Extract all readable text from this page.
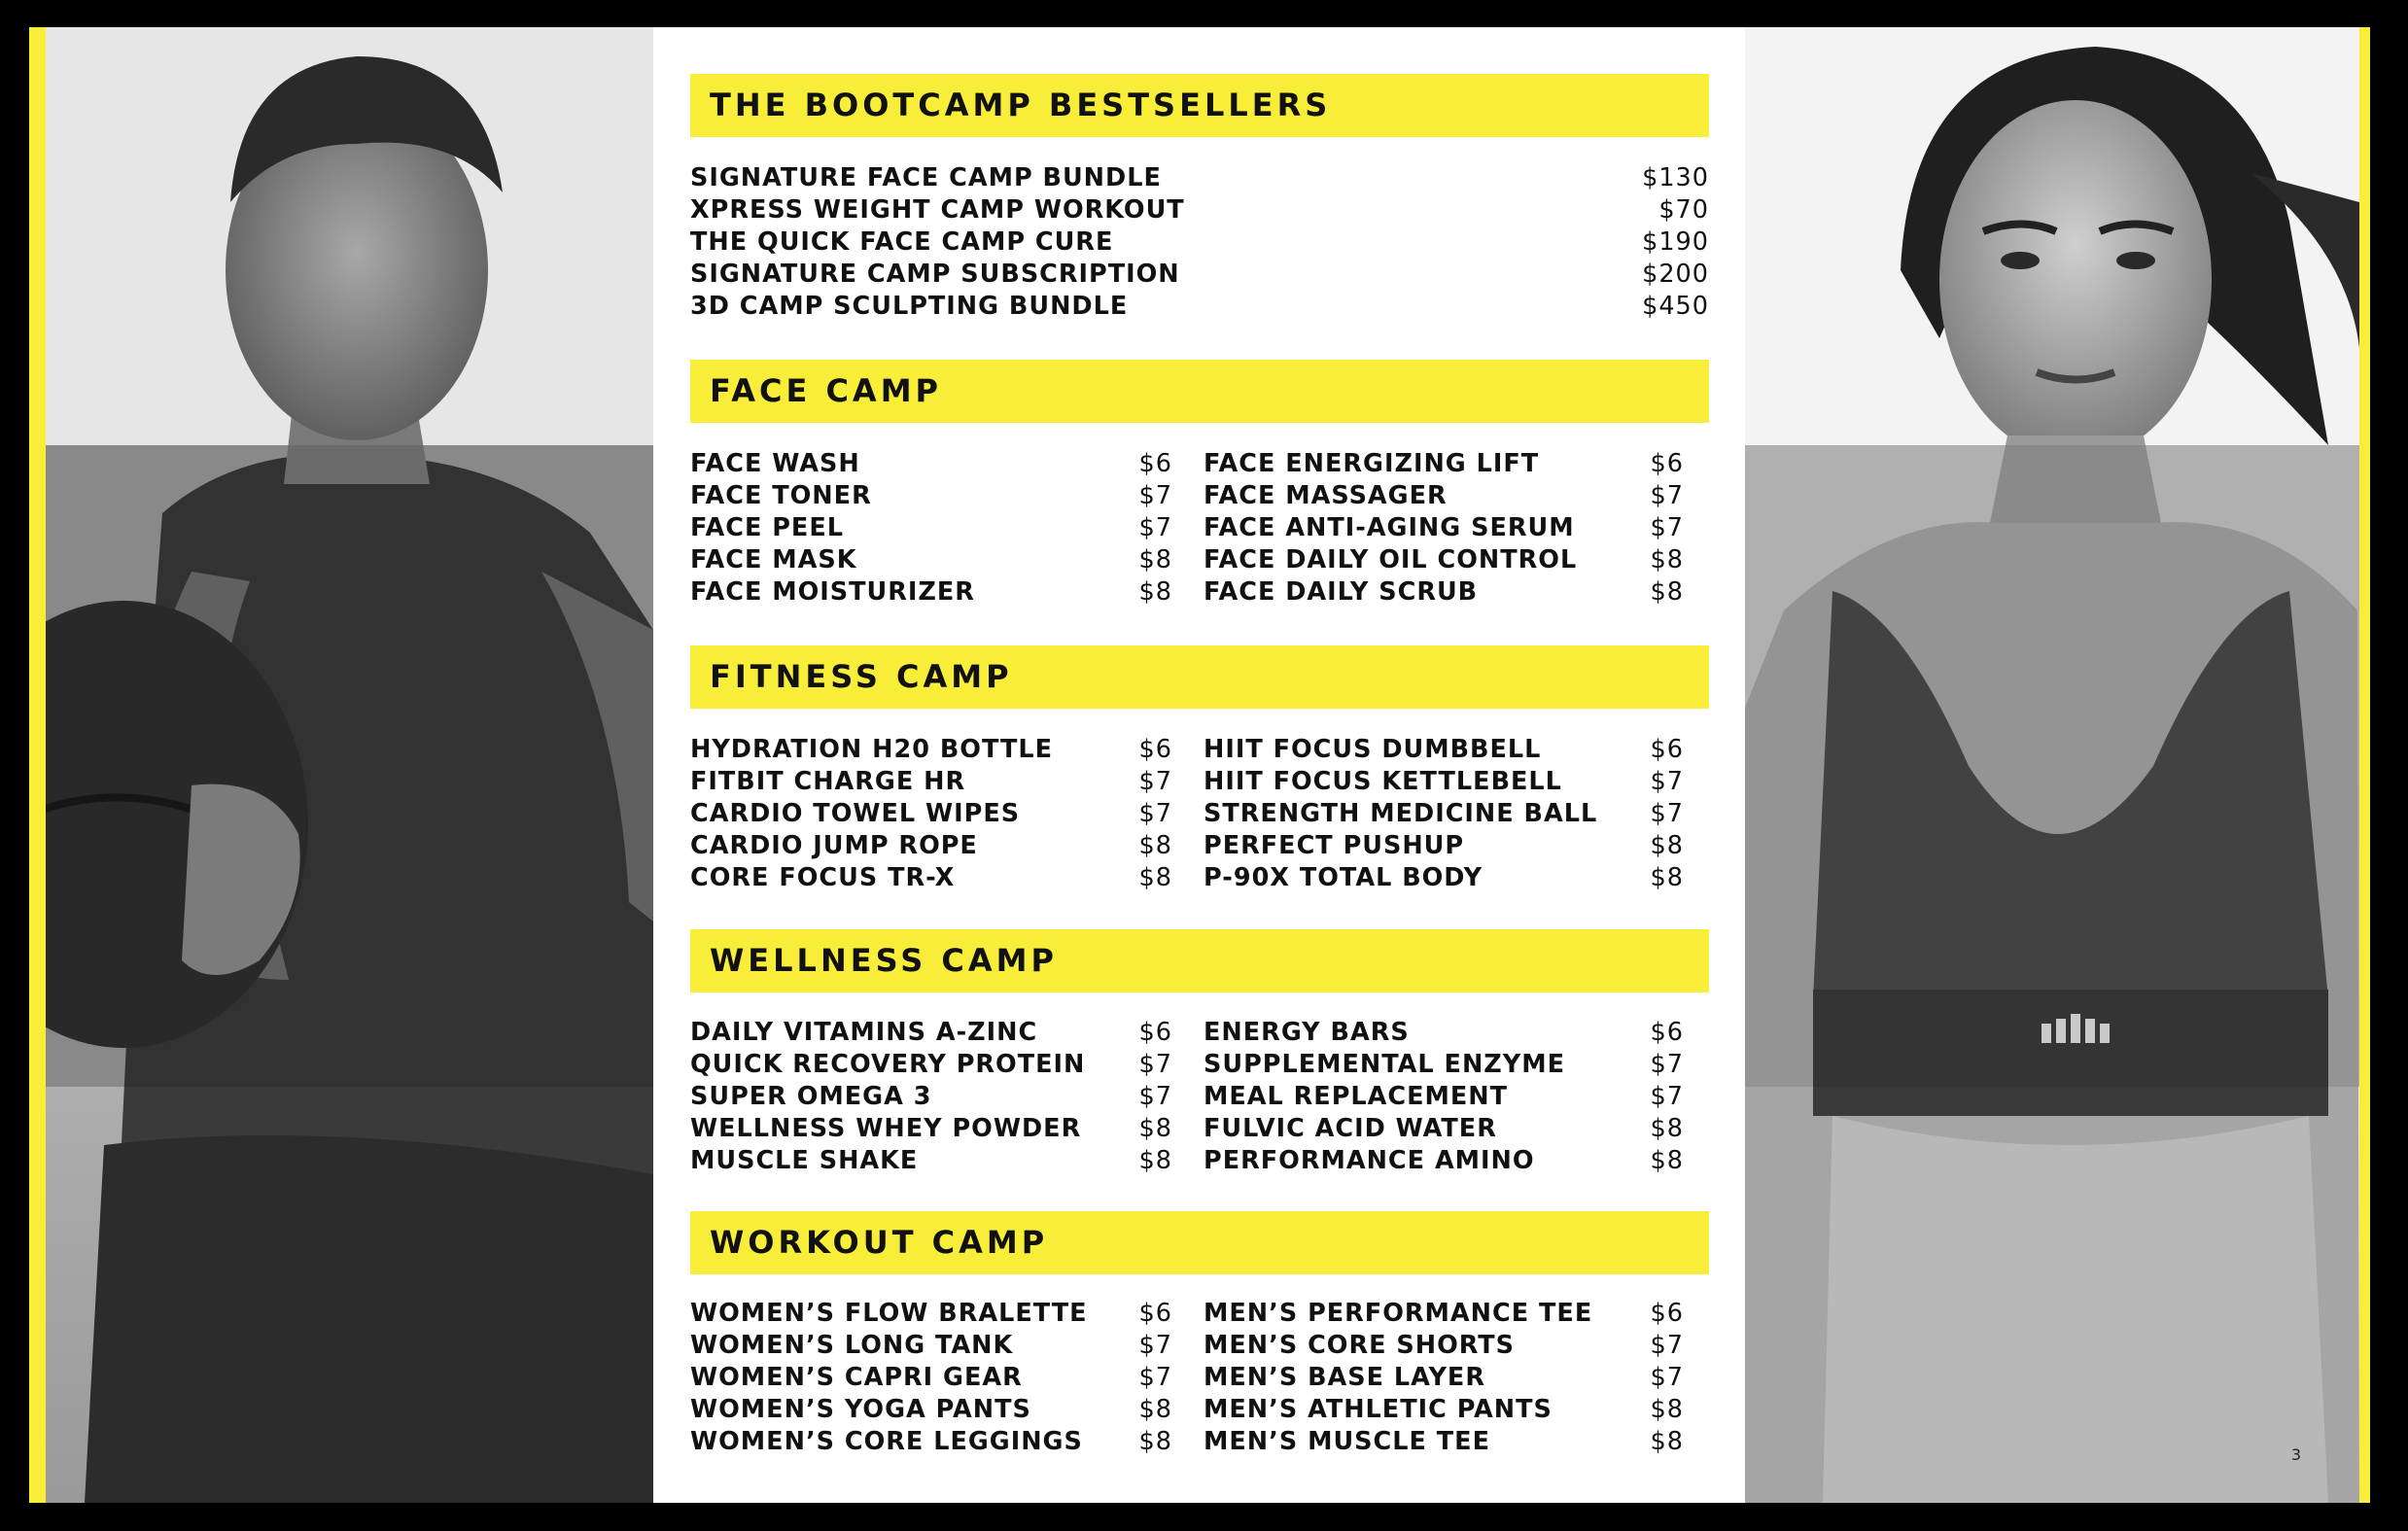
3
THE BOOTCAMP BESTSELLERS
SIGNATURE FACE CAMP BUNDLE	$130
XPRESS WEIGHT CAMP WORKOUT	$70
THE QUICK FACE CAMP CURE	$190
SIGNATURE CAMP SUBSCRIPTION	$200
3D CAMP SCULPTING BUNDLE	$450
FACE CAMP
FACE WASH	$6
FACE TONER	$7
FACE PEEL	$7
FACE MASK	$8
FACE MOISTURIZER	$8
FACE ENERGIZING LIFT	$6
FACE MASSAGER	$7
FACE ANTI-AGING SERUM	$7
FACE DAILY OIL CONTROL	$8
FACE DAILY SCRUB	$8
FITNESS CAMP
HYDRATION H20 BOTTLE	$6
FITBIT CHARGE HR	$7
CARDIO TOWEL WIPES	$7
CARDIO JUMP ROPE	$8
CORE FOCUS TR-X	$8
HIIT FOCUS DUMBBELL	$6
HIIT FOCUS KETTLEBELL	$7
STRENGTH MEDICINE BALL $7
PERFECT PUSHUP	$8
P-90X TOTAL BODY	$8
WELLNESS CAMP
DAILY VITAMINS A-ZINC	$6
QUICK RECOVERY PROTEIN $7
SUPER OMEGA 3	$7
WELLNESS WHEY POWDER $8
MUSCLE SHAKE	$8
ENERGY BARS	$6
SUPPLEMENTAL ENZYME	$7
MEAL REPLACEMENT	$7
FULVIC ACID WATER	$8
PERFORMANCE AMINO	$8
WORKOUT CAMP
WOMEN’S FLOW BRALETTE $6
WOMEN’S LONG TANK	$7
WOMEN’S CAPRI GEAR	$7
WOMEN’S YOGA PANTS	$8
WOMEN’S CORE LEGGINGS $8
MEN’S PERFORMANCE TEE $6
MEN’S CORE SHORTS	$7
MEN’S BASE LAYER	$7
MEN’S ATHLETIC PANTS	$8
MEN’S MUSCLE TEE	$8
